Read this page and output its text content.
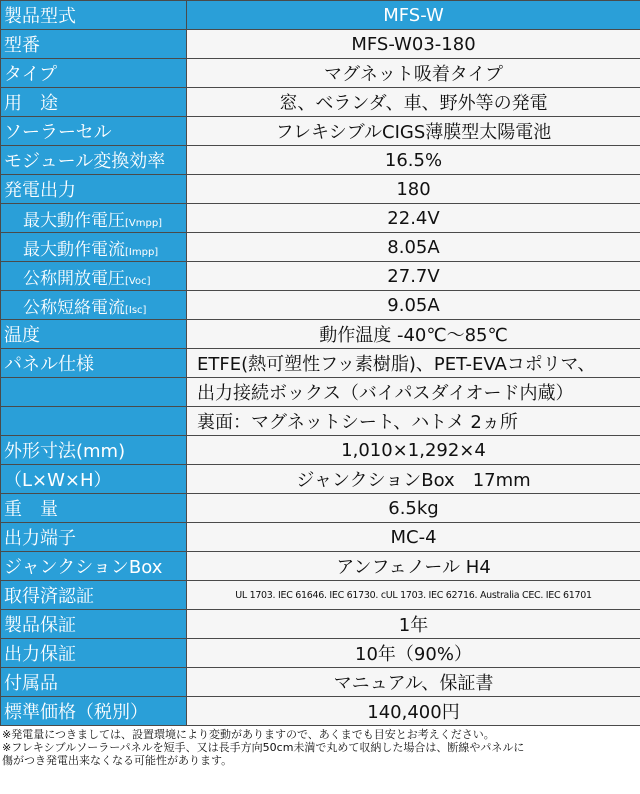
製品型式	MFS-W
型番	MFS-W03-180
タイプ	マグネット吸着タイプ
用　途	窓、ベランダ、車、野外等の発電
ソーラーセル	フレキシブルCIGS薄膜型太陽電池
モジュール変換効率	16.5%
発電出力	180
最大動作電圧[Vmpp]	22.4V
最大動作電流[Impp]	8.05A
公称開放電圧[Voc]	27.7V
公称短絡電流[Isc]	9.05A
温度	動作温度 -40℃～85℃
パネル仕様	ETFE(熱可塑性フッ素樹脂)、PET-EVAコポリマ、
	出力接続ボックス（バイパスダイオード内蔵）
	裏面：マグネットシート、ハトメ 2ヵ所
外形寸法(mm)	1,010×1,292×4
（L×W×H）	ジャンクションBox　17mm
重　量	6.5kg
出力端子	MC-4
ジャンクションBox	アンフェノール H4
取得済認証	UL 1703. IEC 61646. IEC 61730. cUL 1703. IEC 62716. Australia CEC. IEC 61701
製品保証	1年
出力保証	10年（90%）
付属品	マニュアル、保証書
標準価格（税別）	140,400円
※発電量につきましては、設置環境により変動がありますので、あくまでも目安とお考えください。
※フレキシブルソーラーパネルを短手、又は長手方向50cm未満で丸めて収納した場合は、断線やパネルに
傷がつき発電出来なくなる可能性があります。
